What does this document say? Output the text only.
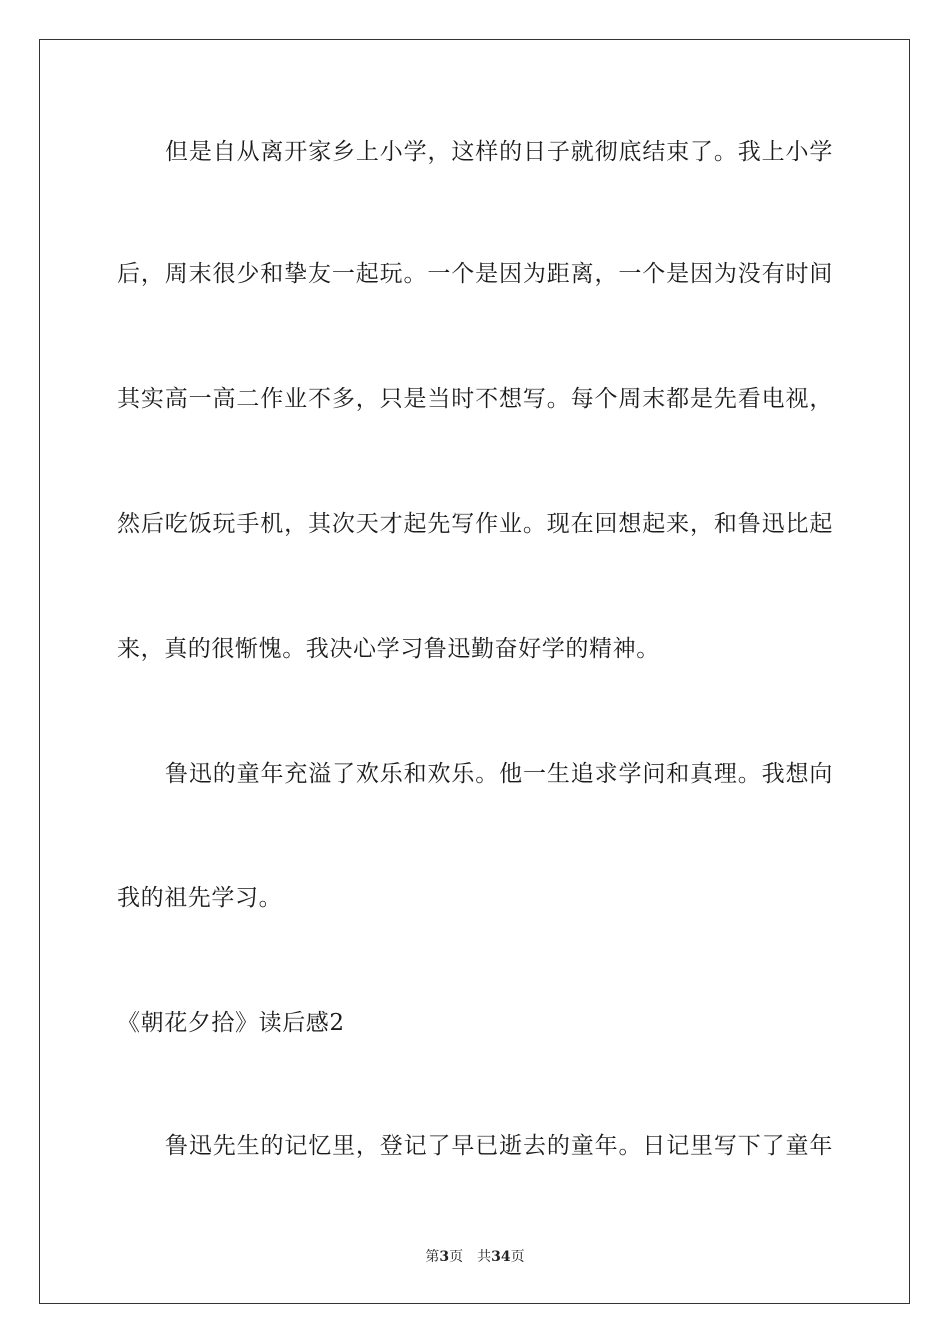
但是自从离开家乡上小学，这样的日子就彻底结束了。我上小学
后，周末很少和挚友一起玩。一个是因为距离，一个是因为没有时间
其实高一高二作业不多，只是当时不想写。每个周末都是先看电视，
然后吃饭玩手机，其次天才起先写作业。现在回想起来，和鲁迅比起
来，真的很惭愧。我决心学习鲁迅勤奋好学的精神。
鲁迅的童年充溢了欢乐和欢乐。他一生追求学问和真理。我想向
我的祖先学习。
《朝花夕拾》读后感2
鲁迅先生的记忆里，登记了早已逝去的童年。日记里写下了童年
第3页 共34页
